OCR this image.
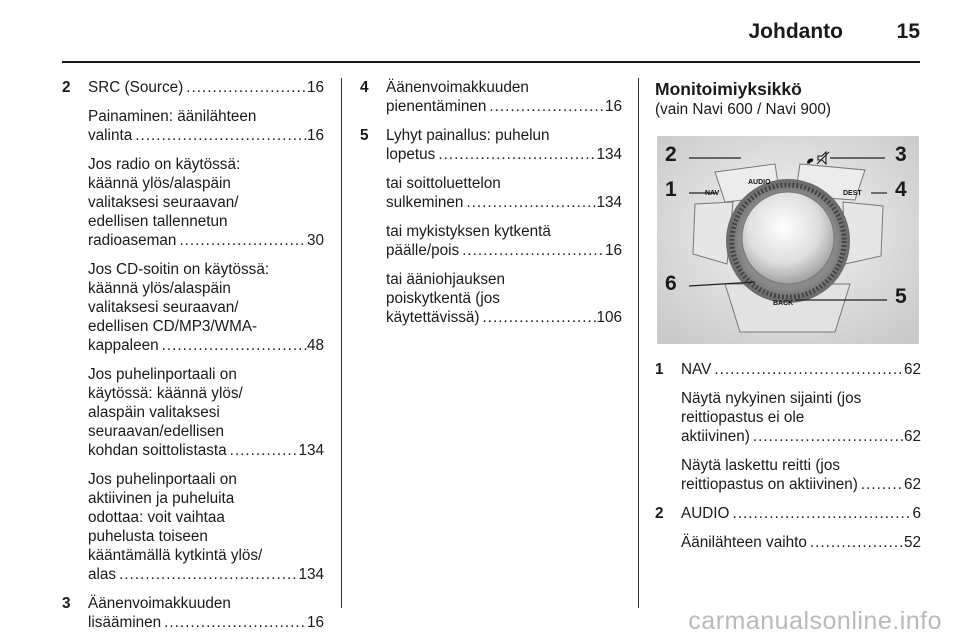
Johdanto	15
2 SRC (Source) .....	16
Painaminen: äänilähteen
valinta .....	16
Jos radio on käytössä:
käännä ylös/alaspäin
valitaksesi seuraavan/
edellisen tallennetun
radioaseman .....	30
Jos CD-soitin on käytössä:
käännä ylös/alaspäin
valitaksesi seuraavan/
edellisen CD/MP3/WMA-
kappaleen .....	48
Jos puhelinportaali on
käytössä: käännä ylös/
alaspäin valitaksesi
seuraavan/edellisen
kohdan soittolistasta .....	134
Jos puhelinportaali on
aktiivinen ja puheluita
odottaa: voit vaihtaa
puhelusta toiseen
kääntämällä kytkintä ylös/
alas .....	134
3 Äänenvoimakkuuden
lisääminen .....	16
4 Äänenvoimakkuuden
pienentäminen .....	16
5 Lyhyt painallus: puhelun
lopetus .....	134
tai soittoluettelon
sulkeminen .....	134
tai mykistyksen kytkentä
päälle/pois .....	16
tai ääniohjauksen
poiskytkentä (jos
käytettävissä) .....	106
Monitoimiyksikkö
(vain Navi 600 / Navi 900)
AUDIO
NAV	DEST
BACK
2	3
1	4
6
5
1 NAV .....	62
Näytä nykyinen sijainti (jos
reittiopastus ei ole
aktiivinen) .....	62
Näytä laskettu reitti (jos
reittiopastus on aktiivinen) .....	62
2 AUDIO .....	6
Äänilähteen vaihto .....	52
carmanualsonline.info
